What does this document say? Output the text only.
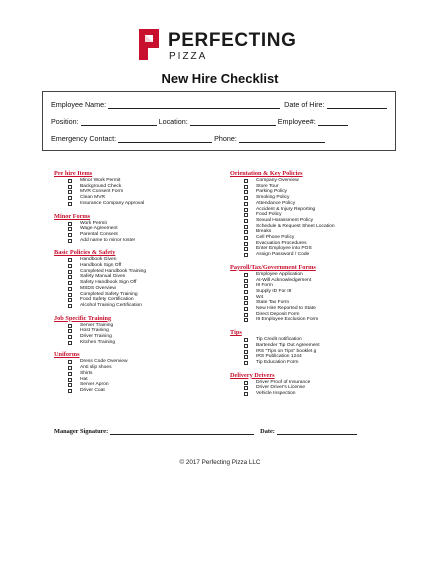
PERFECTING
PIZZA
New Hire Checklist
Employee Name:	Date of Hire:
Position:	Location:	Employee#:
Emergency Contact:	Phone:
Pre hire Items
Minor Work Permit
Background Check
MVR Consent Form
Clean MVR
Insurance Company Approval
Minor Forms
Work Permit
Wage Agreement
Parental Consent
Add name to minor roster
Basic Policies & Safety
Handbook Given
Handbook Sign Off
Completed Handbook Training
Safety Manual Given
Safety Handbook Sign Off
MSDS Overview
Completed Safety Training
Food Safety Certification
Alcohol Training Certification
Job Specific Training
Server Training
Host Training
Driver Training
Kitchen Training
Uniforms
Dress Code Overview
Anti slip shoes
Shirts
Hat
Server Apron
Driver Coat
Orientation & Key Policies
Company Overview
Store Tour
Parking Policy
Smoking Policy
Attendance Policy
Accident & Injury Reporting
Food Policy
Sexual Harassment Policy
Schedule & Request Sheet Location
Breaks
Cell Phone Policy
Evacuation Procedures
Enter Employee into POS
Assign Password / Code
Payroll/Tax/Government Forms
Employee Application
At-Will Acknowledgement
I9 Form
Supply ID For I9
W4
State Tax Form
New Hire Reported to State
Direct Deposit Form
I9 Employee Exclusion Form
Tips
Tip Credit notification
Bartender Tip Out Agreement
IRS "Tips on Tips" booklet g
IRS Publication 1244
Tip Education Form
Delivery Drivers
Driver Proof of Insurance
Driver Driver's License
Vehicle Inspection
Manager Signature:	Date:
© 2017 Perfecting Pizza LLC
